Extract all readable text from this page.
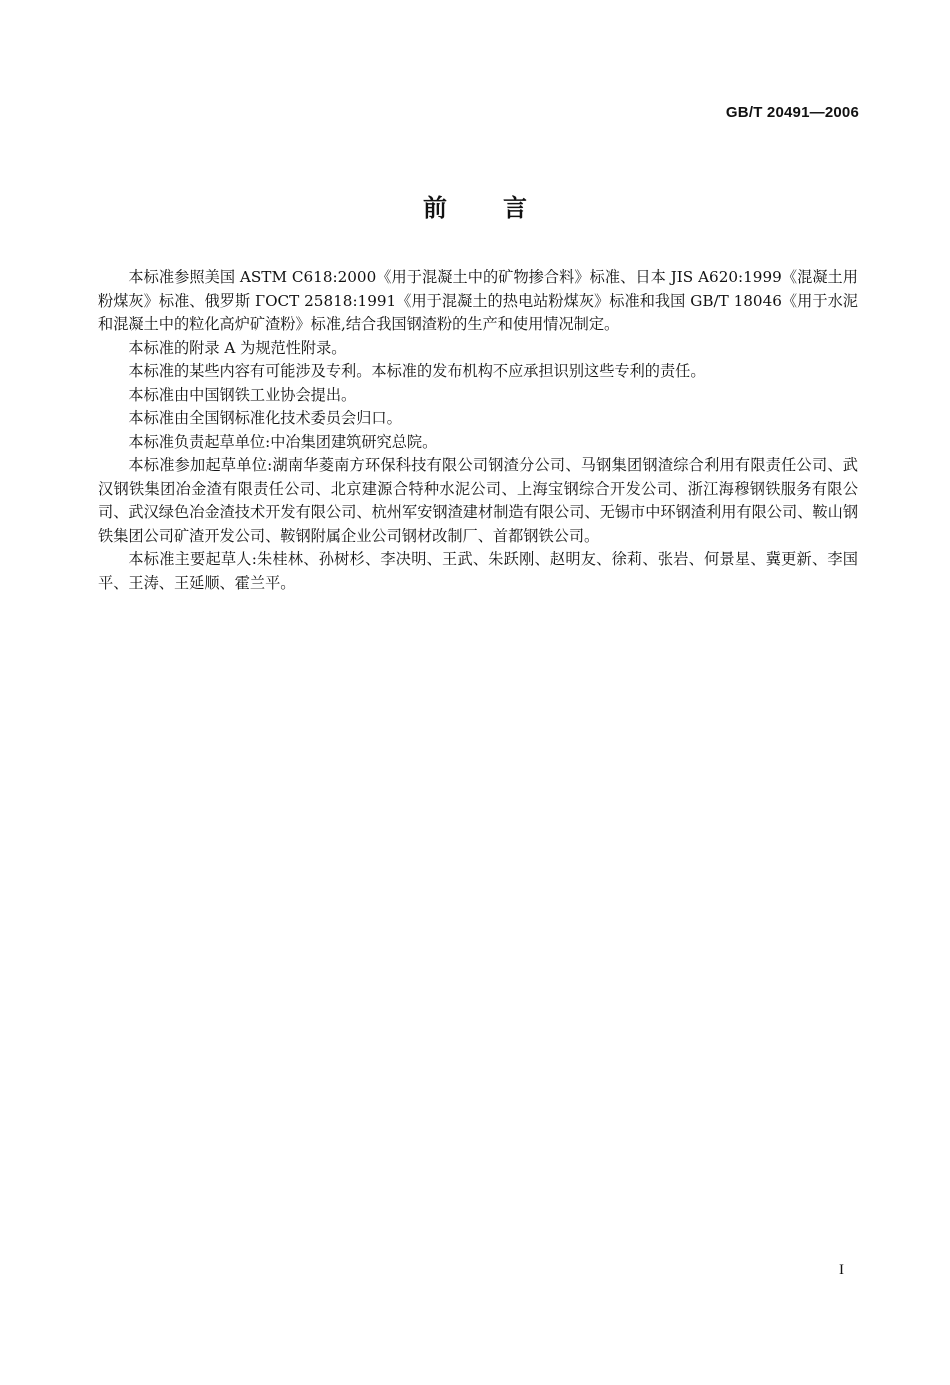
GB/T 20491—2006
前言

本标准参照美国 ASTM C618:2000《用于混凝土中的矿物掺合料》标准、日本 JIS A620:1999《混凝土用粉煤灰》标准、俄罗斯 ГОСТ 25818:1991《用于混凝土的热电站粉煤灰》标准和我国 GB/T 18046《用于水泥和混凝土中的粒化高炉矿渣粉》标准,结合我国钢渣粉的生产和使用情况制定。

本标准的附录 A 为规范性附录。

本标准的某些内容有可能涉及专利。本标准的发布机构不应承担识别这些专利的责任。

本标准由中国钢铁工业协会提出。

本标准由全国钢标准化技术委员会归口。

本标准负责起草单位:中冶集团建筑研究总院。

本标准参加起草单位:湖南华菱南方环保科技有限公司钢渣分公司、马钢集团钢渣综合利用有限责任公司、武汉钢铁集团冶金渣有限责任公司、北京建源合特种水泥公司、上海宝钢综合开发公司、浙江海穆钢铁服务有限公司、武汉绿色冶金渣技术开发有限公司、杭州军安钢渣建材制造有限公司、无锡市中环钢渣利用有限公司、鞍山钢铁集团公司矿渣开发公司、鞍钢附属企业公司钢材改制厂、首都钢铁公司。

本标准主要起草人:朱桂林、孙树杉、李决明、王武、朱跃刚、赵明友、徐莉、张岩、何景星、冀更新、李国平、王涛、王延顺、霍兰平。

I
